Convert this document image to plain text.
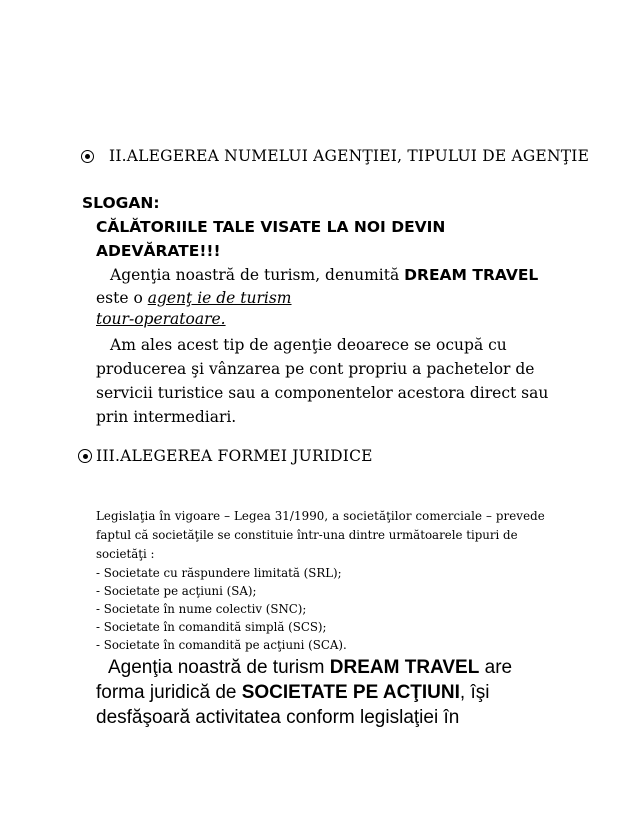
II.ALEGEREA NUMELUI AGENŢIEI, TIPULUI DE AGENŢIE
SLOGAN:
CĂLĂTORIILE TALE VISATE LA NOI DEVIN
ADEVĂRATE!!!
Agenţia noastră de turism, denumită DREAM TRAVEL
este o agenţ ie de turism
tour-operatoare.
Am ales acest tip de agenţie deoarece se ocupă cu
producerea şi vânzarea pe cont propriu a pachetelor de
servicii turistice sau a componentelor acestora direct sau
prin intermediari.
III.ALEGEREA FORMEI JURIDICE
Legislaţia în vigoare – Legea 31/1990, a societăţilor comerciale – prevede
faptul că societăţile se constituie într-una dintre următoarele tipuri de
societăţi :
- Societate cu răspundere limitată (SRL);
- Societate pe acţiuni (SA);
- Societate în nume colectiv (SNC);
- Societate în comandită simplă (SCS);
- Societate în comandită pe acţiuni (SCA).
Agenţia noastră de turism DREAM TRAVEL are
forma juridică de SOCIETATE PE ACŢIUNI, îşi
desfăşoară activitatea conform legislaţiei în
